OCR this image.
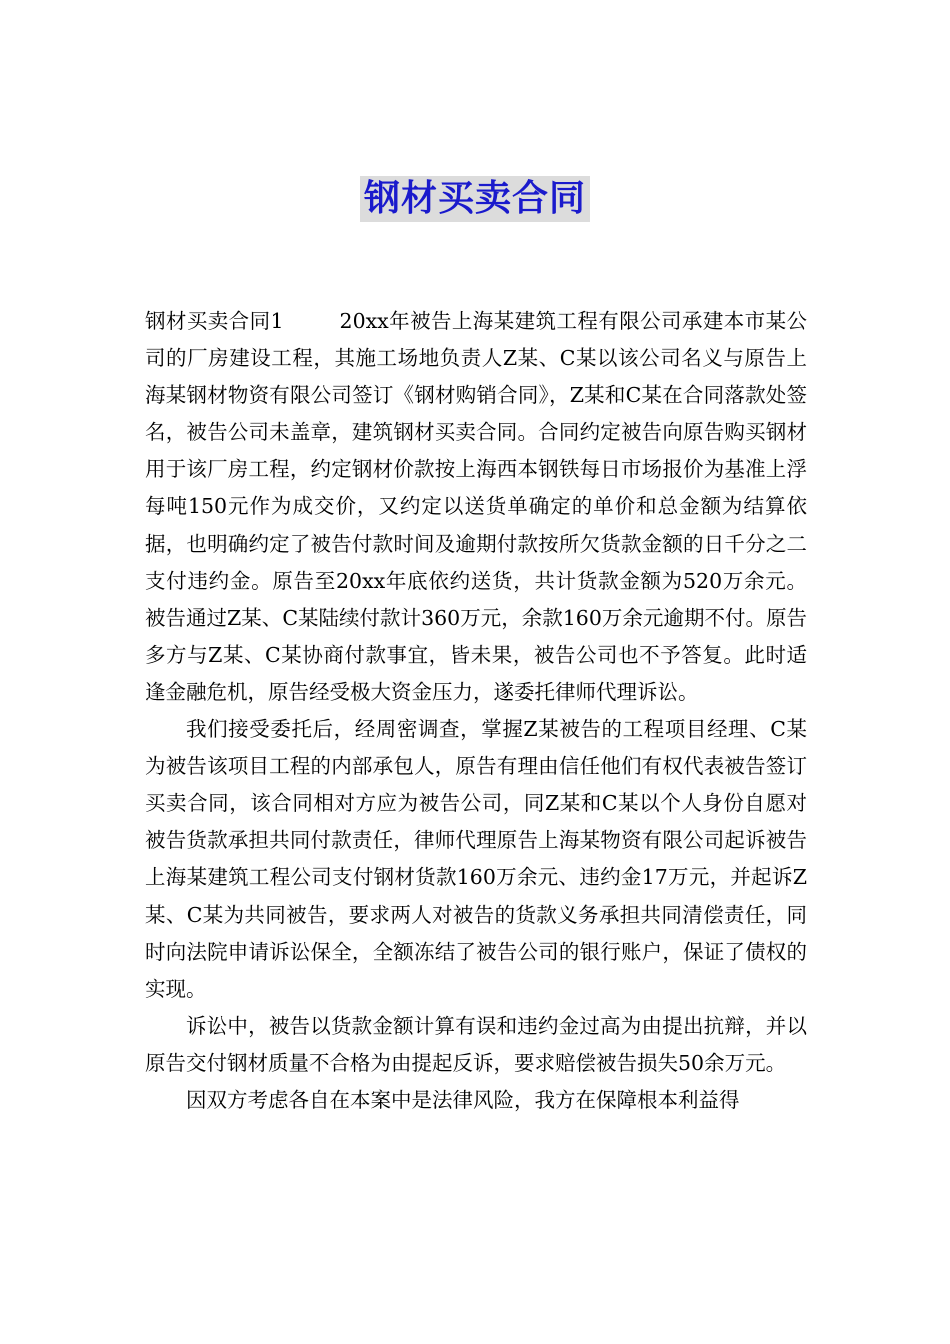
钢材买卖合同

钢材买卖合同1	20xx年被告上海某建筑工程有限公司承建本市某公司的厂房建设工程，其施工场地负责人Z某、C某以该公司名义与原告上海某钢材物资有限公司签订《钢材购销合同》，Z某和C某在合同落款处签名，被告公司未盖章，建筑钢材买卖合同。合同约定被告向原告购买钢材用于该厂房工程，约定钢材价款按上海西本钢铁每日市场报价为基准上浮每吨150元作为成交价，又约定以送货单确定的单价和总金额为结算依据，也明确约定了被告付款时间及逾期付款按所欠货款金额的日千分之二支付违约金。原告至20xx年底依约送货，共计货款金额为520万余元。被告通过Z某、C某陆续付款计360万元，余款160万余元逾期不付。原告多方与Z某、C某协商付款事宜，皆未果，被告公司也不予答复。此时适逢金融危机，原告经受极大资金压力，遂委托律师代理诉讼。

我们接受委托后，经周密调查，掌握Z某被告的工程项目经理、C某为被告该项目工程的内部承包人，原告有理由信任他们有权代表被告签订买卖合同，该合同相对方应为被告公司，同Z某和C某以个人身份自愿对被告货款承担共同付款责任，律师代理原告上海某物资有限公司起诉被告上海某建筑工程公司支付钢材货款160万余元、违约金17万元，并起诉Z某、C某为共同被告，要求两人对被告的货款义务承担共同清偿责任，同时向法院申请诉讼保全，全额冻结了被告公司的银行账户，保证了债权的实现。

诉讼中，被告以货款金额计算有误和违约金过高为由提出抗辩，并以原告交付钢材质量不合格为由提起反诉，要求赔偿被告损失50余万元。

因双方考虑各自在本案中是法律风险，我方在保障根本利益得
